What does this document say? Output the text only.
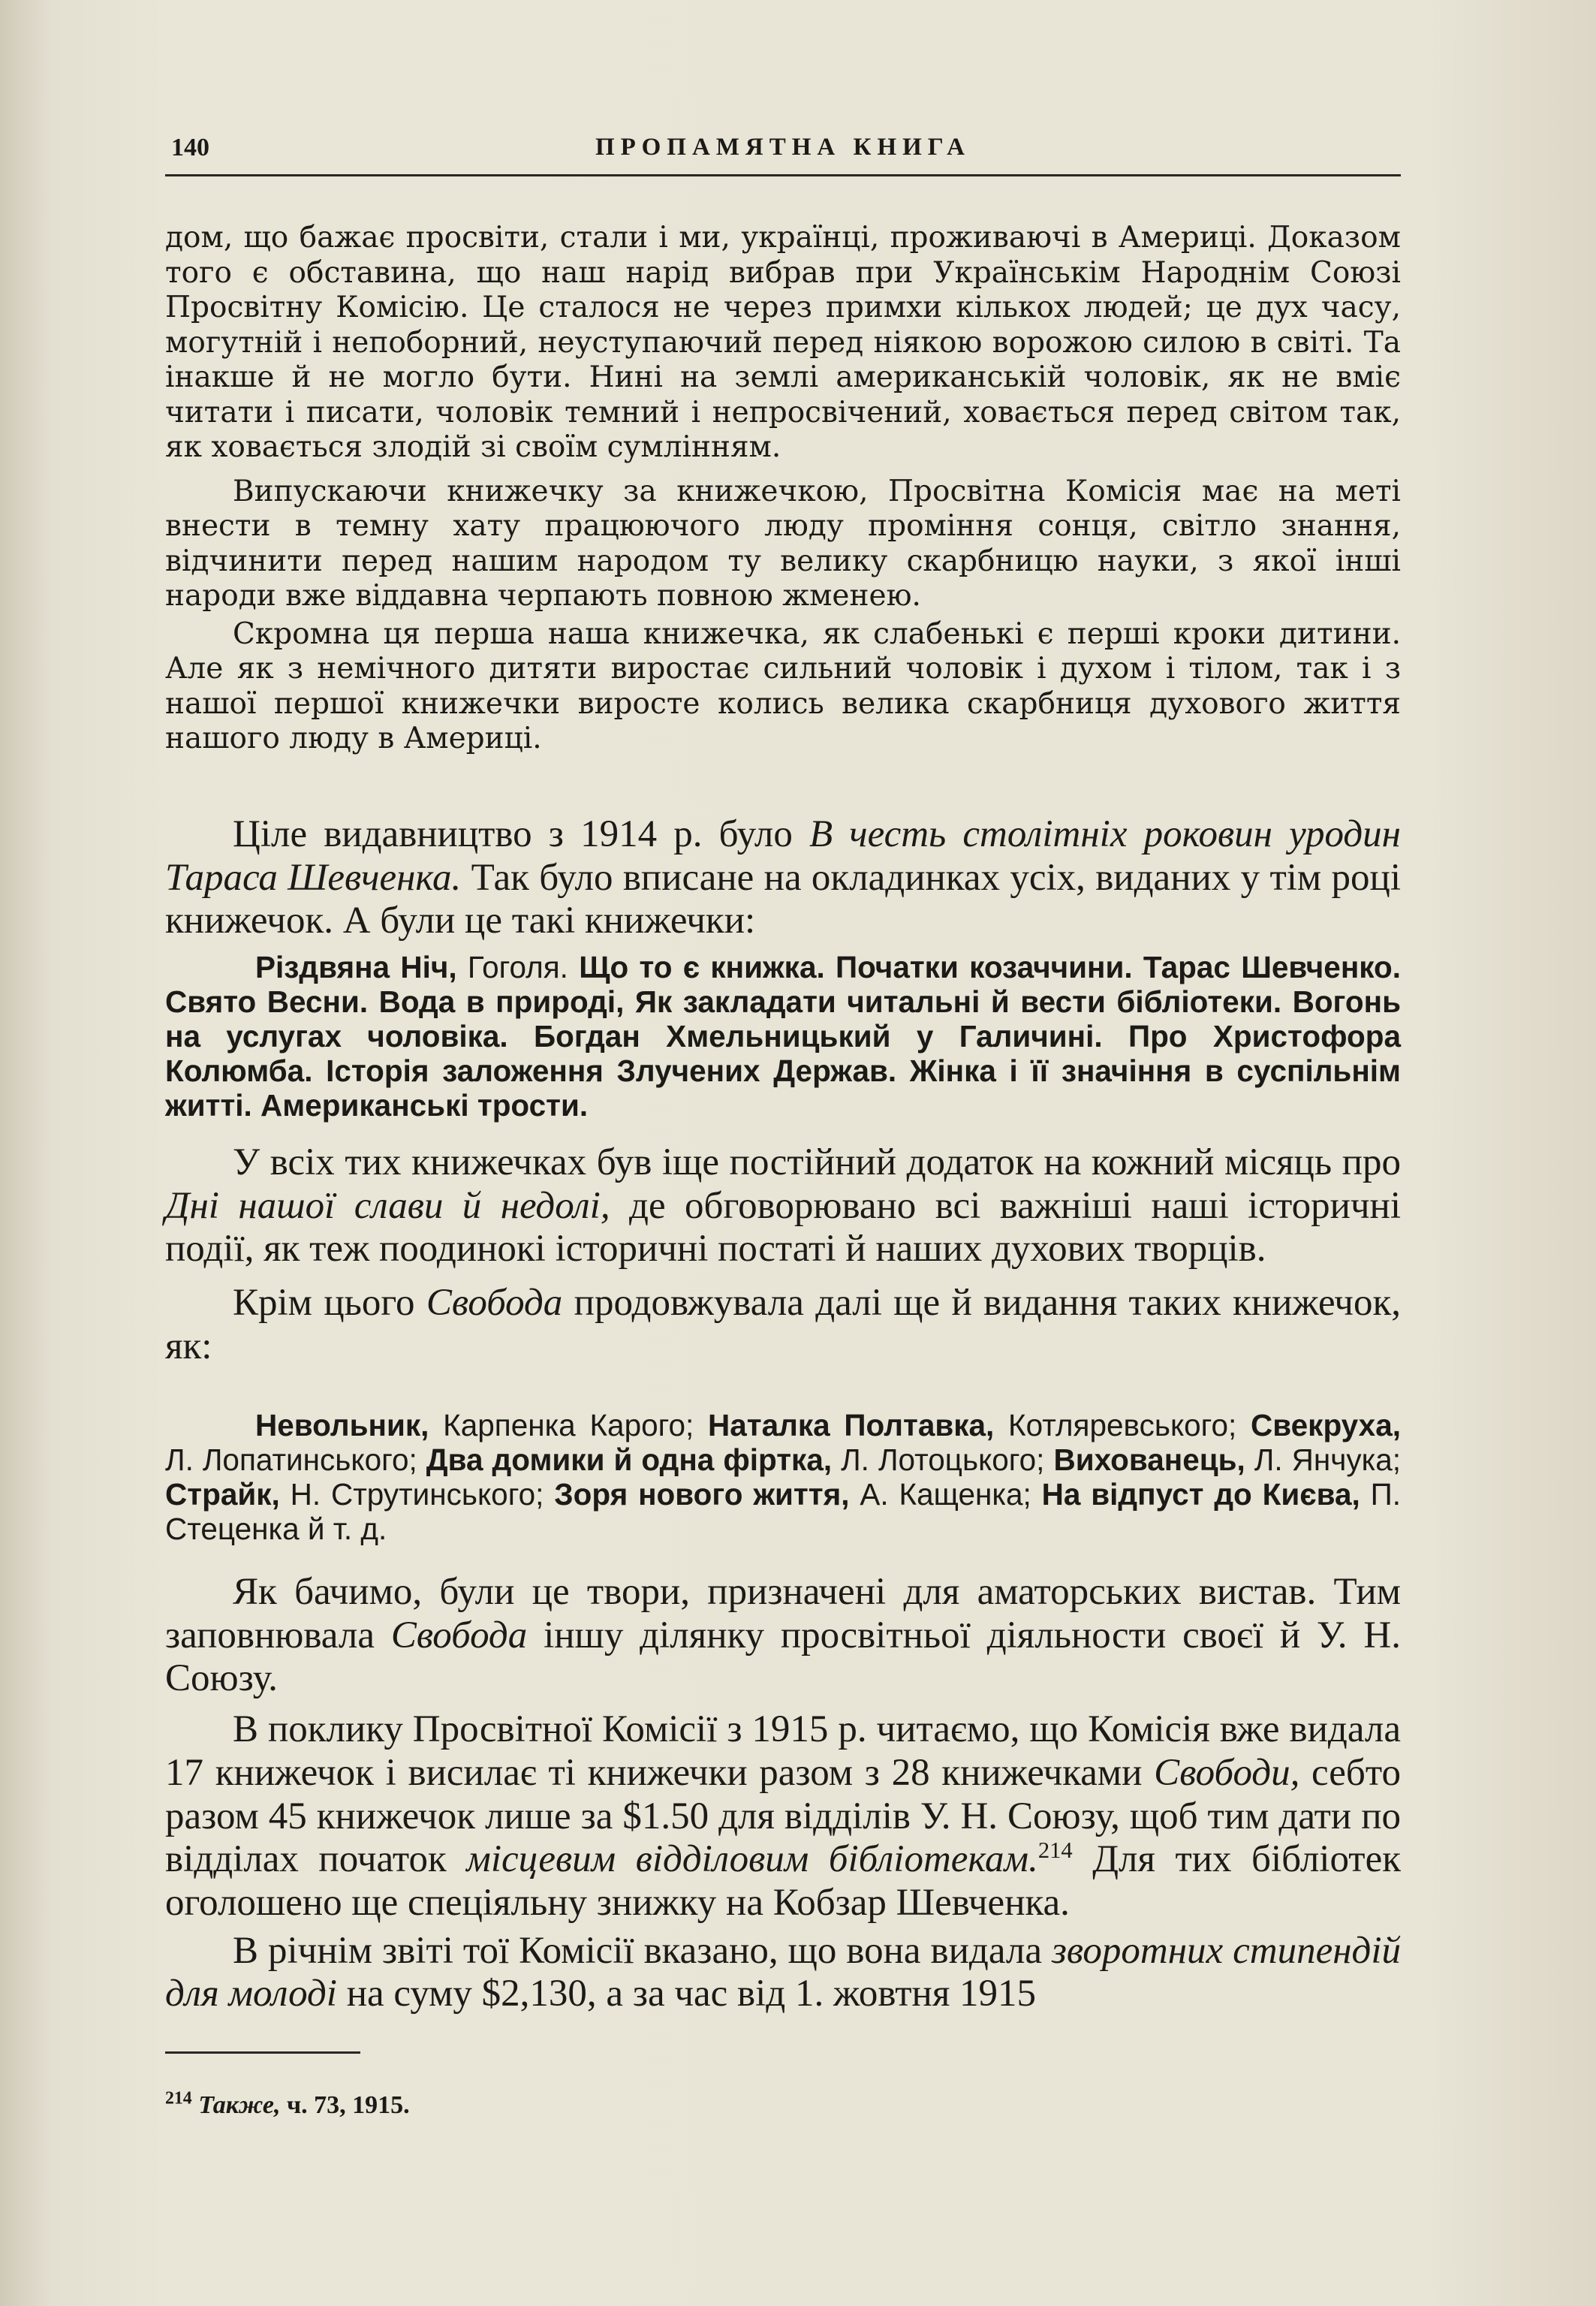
140	ПРОПАМЯТНА КНИГА

дом, що бажає просвіти, стали і ми, українці, проживаючі в Америці. Доказом того є обставина, що наш нарід вибрав при Українськім Народнім Союзі Просвітну Комісію. Це сталося не через примхи кількох людей; це дух часу, могутній і непоборний, неуступаючий перед ніякою ворожою силою в світі. Та інакше й не могло бути. Нині на землі американській чоловік, як не вміє читати і писати, чоловік темний і непросвічений, ховається перед світом так, як ховається злодій зі своїм сумлінням.

Випускаючи книжечку за книжечкою, Просвітна Комісія має на меті внести в темну хату працюючого люду проміння сонця, світло знання, відчинити перед нашим народом ту велику скарбницю науки, з якої інші народи вже віддавна черпають повною жменею.

Скромна ця перша наша книжечка, як слабенькі є перші кроки дитини. Але як з немічного дитяти виростає сильний чоловік і духом і тілом, так і з нашої першої книжечки виросте колись велика скарбниця духового життя нашого люду в Америці.

Ціле видавництво з 1914 р. було В честь столітніх роковин уродин Тараса Шевченка. Так було вписане на окладинках усіх, виданих у тім році книжечок. А були це такі книжечки:

Різдвяна Ніч, Гоголя. Що то є книжка. Початки козаччини. Тарас Шевченко. Свято Весни. Вода в природі, Як закладати читальні й вести бібліотеки. Вогонь на услугах чоловіка. Богдан Хмельницький у Галичині. Про Христофора Колюмба. Історія заложення Злучених Держав. Жінка і її значіння в суспільнім житті. Американські трости.

У всіх тих книжечках був іще постійний додаток на кожний місяць про Дні нашої слави й недолі, де обговорювано всі важніші наші історичні події, як теж поодинокі історичні постаті й наших духових творців.

Крім цього Свобода продовжувала далі ще й видання таких книжечок, як:

Невольник, Карпенка Карого; Наталка Полтавка, Котляревського; Свекруха, Л. Лопатинського; Два домики й одна фіртка, Л. Лотоцького; Вихованець, Л. Янчука; Страйк, Н. Струтинського; Зоря нового життя, А. Кащенка; На відпуст до Києва, П. Стеценка й т. д.

Як бачимо, були це твори, призначені для аматорських вистав. Тим заповнювала Свобода іншу ділянку просвітньої діяльности своєї й У. Н. Союзу.

В поклику Просвітної Комісії з 1915 р. читаємо, що Комісія вже видала 17 книжечок і висилає ті книжечки разом з 28 книжечками Свободи, себто разом 45 книжечок лише за $1.50 для відділів У. Н. Союзу, щоб тим дати по відділах початок місцевим відділовим бібліотекам.$^{214}$ Для тих бібліотек оголошено ще спеціяльну знижку на Кобзар Шевченка.

В річнім звіті тої Комісії вказано, що вона видала зворотних стипендій для молоді на суму $2,130, а за час від 1. жовтня 1915

$^{214}$ Также, ч. 73, 1915.
